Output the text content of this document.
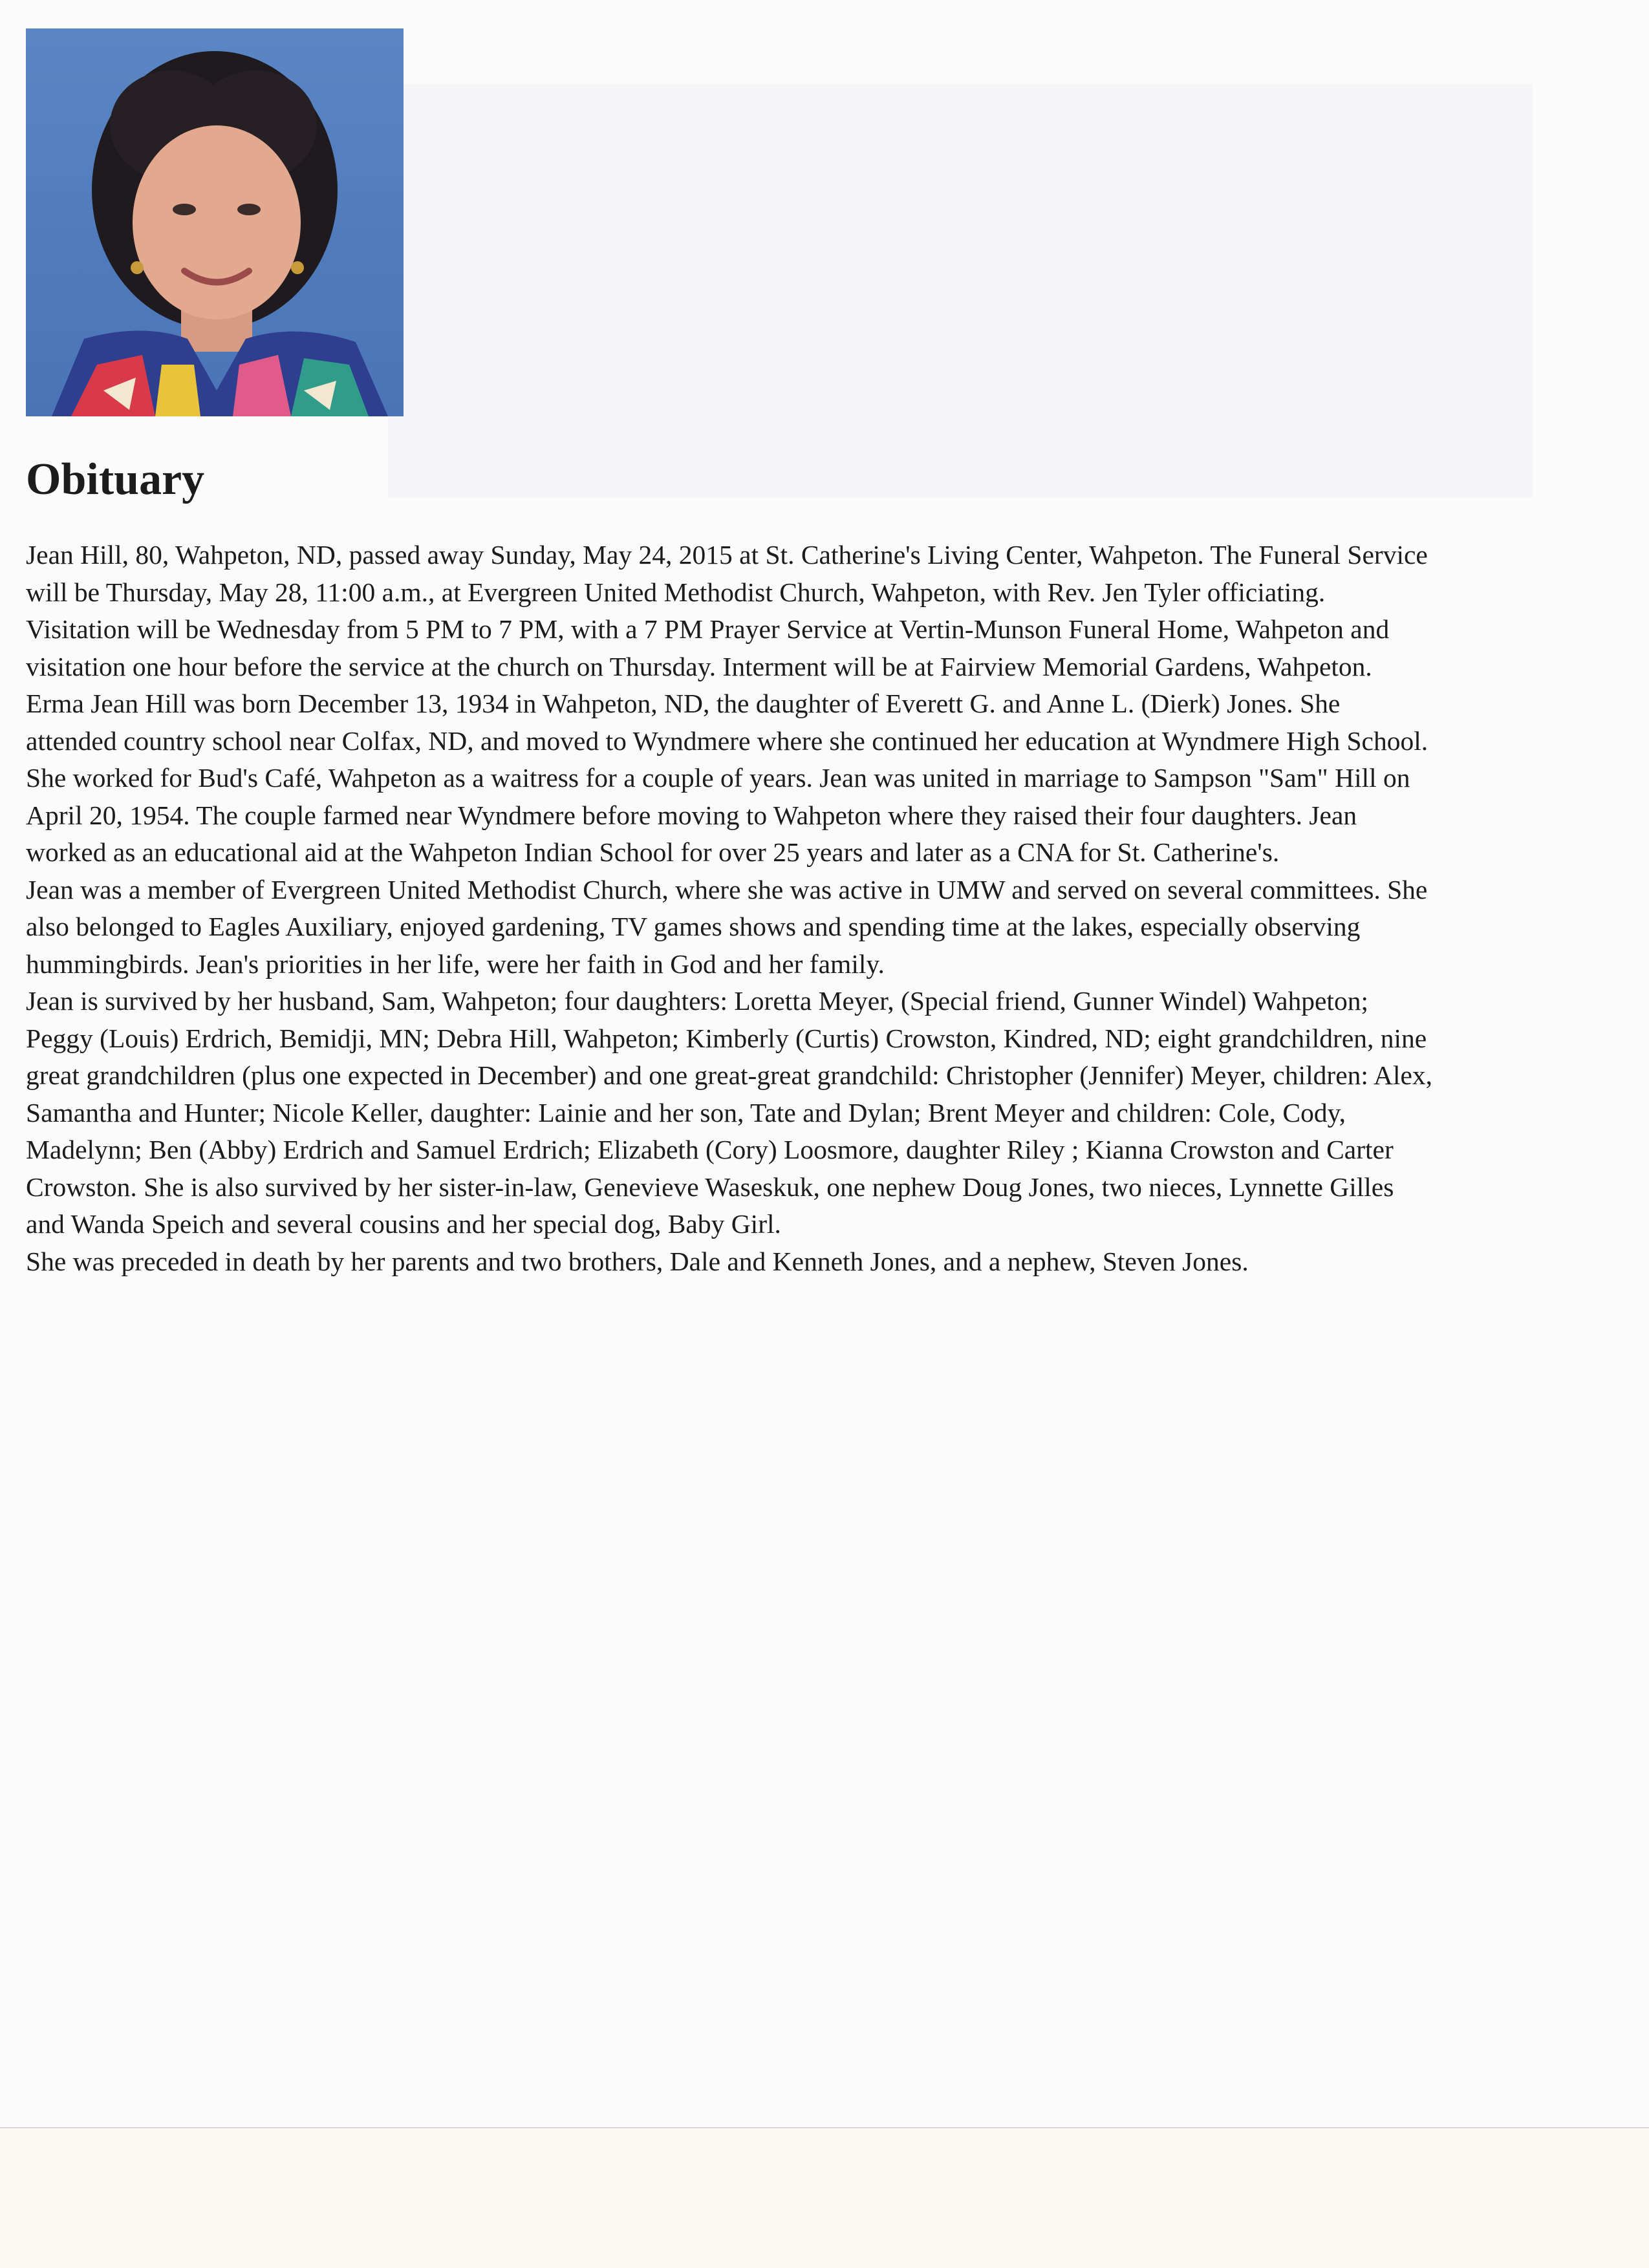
Obituary

Jean Hill, 80, Wahpeton, ND, passed away Sunday, May 24, 2015 at St. Catherine's Living Center, Wahpeton. The Funeral Service will be Thursday, May 28, 11:00 a.m., at Evergreen United Methodist Church, Wahpeton, with Rev. Jen Tyler officiating. Visitation will be Wednesday from 5 PM to 7 PM, with a 7 PM Prayer Service at Vertin-Munson Funeral Home, Wahpeton and visitation one hour before the service at the church on Thursday. Interment will be at Fairview Memorial Gardens, Wahpeton.

Erma Jean Hill was born December 13, 1934 in Wahpeton, ND, the daughter of Everett G. and Anne L. (Dierk) Jones. She attended country school near Colfax, ND, and moved to Wyndmere where she continued her education at Wyndmere High School. She worked for Bud's Café, Wahpeton as a waitress for a couple of years. Jean was united in marriage to Sampson "Sam" Hill on April 20, 1954. The couple farmed near Wyndmere before moving to Wahpeton where they raised their four daughters. Jean worked as an educational aid at the Wahpeton Indian School for over 25 years and later as a CNA for St. Catherine's.

Jean was a member of Evergreen United Methodist Church, where she was active in UMW and served on several committees. She also belonged to Eagles Auxiliary, enjoyed gardening, TV games shows and spending time at the lakes, especially observing hummingbirds. Jean's priorities in her life, were her faith in God and her family.

Jean is survived by her husband, Sam, Wahpeton; four daughters: Loretta Meyer, (Special friend, Gunner Windel) Wahpeton; Peggy (Louis) Erdrich, Bemidji, MN; Debra Hill, Wahpeton; Kimberly (Curtis) Crowston, Kindred, ND; eight grandchildren, nine great grandchildren (plus one expected in December) and one great-great grandchild: Christopher (Jennifer) Meyer, children: Alex, Samantha and Hunter; Nicole Keller, daughter: Lainie and her son, Tate and Dylan; Brent Meyer and children: Cole, Cody, Madelynn; Ben (Abby) Erdrich and Samuel Erdrich; Elizabeth (Cory) Loosmore, daughter Riley ; Kianna Crowston and Carter Crowston. She is also survived by her sister-in-law, Genevieve Waseskuk, one nephew Doug Jones, two nieces, Lynnette Gilles and Wanda Speich and several cousins and her special dog, Baby Girl.

She was preceded in death by her parents and two brothers, Dale and Kenneth Jones, and a nephew, Steven Jones.
